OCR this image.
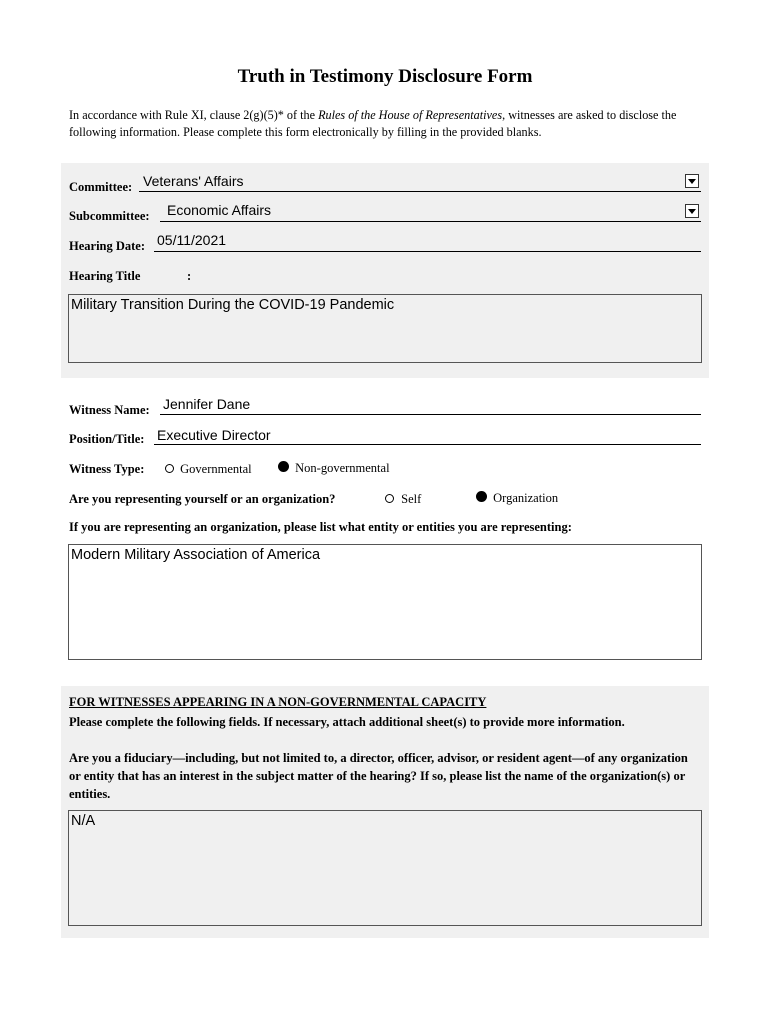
Truth in Testimony Disclosure Form
In accordance with Rule XI, clause 2(g)(5)* of the Rules of the House of Representatives, witnesses are asked to disclose the following information. Please complete this form electronically by filling in the provided blanks.
Committee: Veterans' Affairs
Subcommittee: Economic Affairs
Hearing Date: 05/11/2021
Hearing Title	:
Military Transition During the COVID-19 Pandemic
Witness Name: Jennifer Dane
Position/Title: Executive Director
Witness Type:	Governmental	Non-governmental
Are you representing yourself or an organization?	Self	Organization
If you are representing an organization, please list what entity or entities you are representing:
Modern Military Association of America
FOR WITNESSES APPEARING IN A NON-GOVERNMENTAL CAPACITY
Please complete the following fields. If necessary, attach additional sheet(s) to provide more information.
Are you a fiduciary—including, but not limited to, a director, officer, advisor, or resident agent—of any organization or entity that has an interest in the subject matter of the hearing? If so, please list the name of the organization(s) or entities.
N/A
